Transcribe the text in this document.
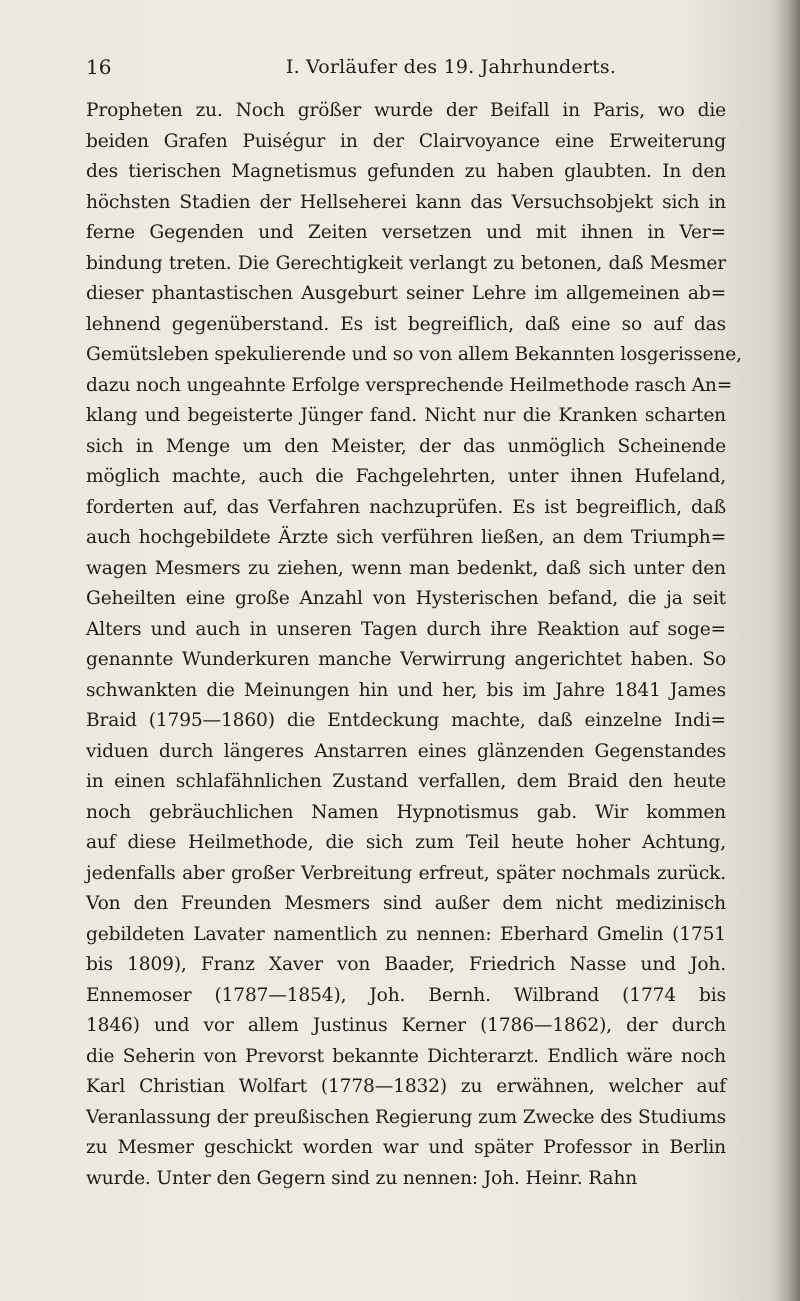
16	I. Vorläufer des 19. Jahrhunderts.
Propheten zu. Noch größer wurde der Beifall in Paris, wo die
beiden Grafen Puiségur in der Clairvoyance eine Erweiterung
des tierischen Magnetismus gefunden zu haben glaubten. In den
höchsten Stadien der Hellseherei kann das Versuchsobjekt sich in
ferne Gegenden und Zeiten versetzen und mit ihnen in Ver=
bindung treten. Die Gerechtigkeit verlangt zu betonen, daß Mesmer
dieser phantastischen Ausgeburt seiner Lehre im allgemeinen ab=
lehnend gegenüberstand. Es ist begreiflich, daß eine so auf das
Gemütsleben spekulierende und so von allem Bekannten losgerissene,
dazu noch ungeahnte Erfolge versprechende Heilmethode rasch An=
klang und begeisterte Jünger fand. Nicht nur die Kranken scharten
sich in Menge um den Meister, der das unmöglich Scheinende
möglich machte, auch die Fachgelehrten, unter ihnen Hufeland,
forderten auf, das Verfahren nachzuprüfen. Es ist begreiflich, daß
auch hochgebildete Ärzte sich verführen ließen, an dem Triumph=
wagen Mesmers zu ziehen, wenn man bedenkt, daß sich unter den
Geheilten eine große Anzahl von Hysterischen befand, die ja seit
Alters und auch in unseren Tagen durch ihre Reaktion auf soge=
genannte Wunderkuren manche Verwirrung angerichtet haben. So
schwankten die Meinungen hin und her, bis im Jahre 1841 James
Braid (1795—1860) die Entdeckung machte, daß einzelne Indi=
viduen durch längeres Anstarren eines glänzenden Gegenstandes
in einen schlafähnlichen Zustand verfallen, dem Braid den heute
noch gebräuchlichen Namen Hypnotismus gab. Wir kommen
auf diese Heilmethode, die sich zum Teil heute hoher Achtung,
jedenfalls aber großer Verbreitung erfreut, später nochmals zurück.
Von den Freunden Mesmers sind außer dem nicht medizinisch
gebildeten Lavater namentlich zu nennen: Eberhard Gmelin (1751
bis 1809), Franz Xaver von Baader, Friedrich Nasse und Joh.
Ennemoser (1787—1854), Joh. Bernh. Wilbrand (1774 bis
1846) und vor allem Justinus Kerner (1786—1862), der durch
die Seherin von Prevorst bekannte Dichterarzt. Endlich wäre noch
Karl Christian Wolfart (1778—1832) zu erwähnen, welcher auf
Veranlassung der preußischen Regierung zum Zwecke des Studiums
zu Mesmer geschickt worden war und später Professor in Berlin
wurde. Unter den Gegern sind zu nennen: Joh. Heinr. Rahn
